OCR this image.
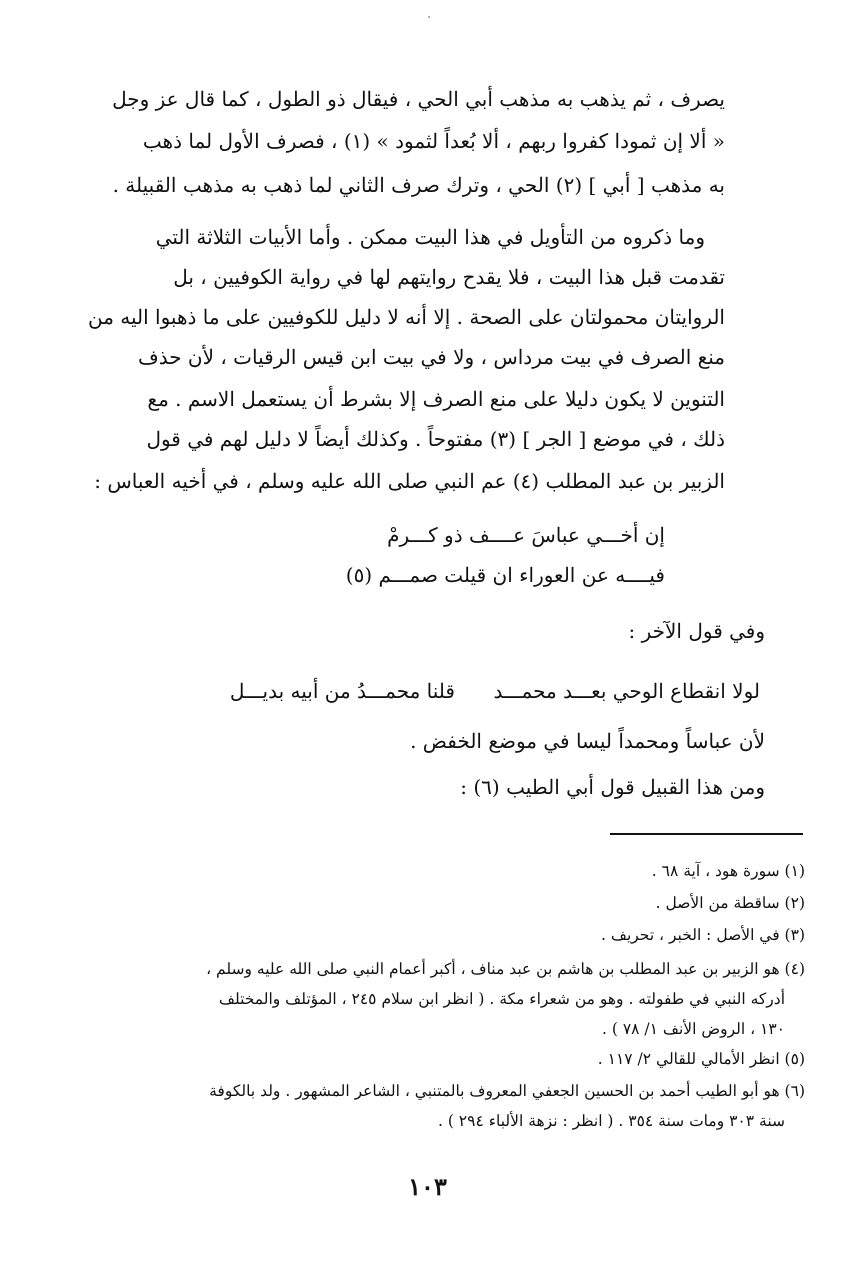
يصرف ، ثم يذهب به مذهب أبي الحي ، فيقال ذو الطول ، كما قال عز وجل
« ألا إن ثمودا كفروا ربهم ، ألا بُعداً لثمود » (١) ، فصرف الأول لما ذهب
به مذهب [ أبي ] (٢) الحي ، وترك صرف الثاني لما ذهب به مذهب القبيلة .
وما ذكروه من التأويل في هذا البيت ممكن . وأما الأبيات الثلاثة التي
تقدمت قبل هذا البيت ، فلا يقدح روايتهم لها في رواية الكوفيين ، بل
الروايتان محمولتان على الصحة . إلا أنه لا دليل للكوفيين على ما ذهبوا اليه من
منع الصرف في بيت مرداس ، ولا في بيت ابن قيس الرقيات ، لأن حذف
التنوين لا يكون دليلا على منع الصرف إلا بشرط أن يستعمل الاسم . مع
ذلك ، في موضع [ الجر ] (٣) مفتوحاً . وكذلك أيضاً لا دليل لهم في قول
الزبير بن عبد المطلب (٤) عم النبي صلى الله عليه وسلم ، في أخيه العباس :
إن أخـــي عباسَ عــــف ذو كـــرمْ
فيــــه عن العوراء ان قيلت صمـــم (٥)
وفي قول الآخر :
لولا انقطاع الوحي بعـــد محمـــد
قلنا محمـــدُ من أبيه بديـــل
لأن عباساً ومحمداً ليسا في موضع الخفض .
ومن هذا القبيل قول أبي الطيب (٦) :
(١) سورة هود ، آية ٦٨ .
(٢) ساقطة من الأصل .
(٣) في الأصل : الخبر ، تحريف .
(٤) هو الزبير بن عبد المطلب بن هاشم بن عبد مناف ، أكبر أعمام النبي صلى الله عليه وسلم ،
أدركه النبي في طفولته . وهو من شعراء مكة . ( انظر ابن سلام ٢٤٥ ، المؤتلف والمختلف
١٣٠ ، الروض الأنف ١/ ٧٨ ) .
(٥) انظر الأمالي للقالي ٢/ ١١٧ .
(٦) هو أبو الطيب أحمد بن الحسين الجعفي المعروف بالمتنبي ، الشاعر المشهور . ولد بالكوفة
سنة ٣٠٣ ومات سنة ٣٥٤ . ( انظر : نزهة الألباء ٢٩٤ ) .
١٠٣
